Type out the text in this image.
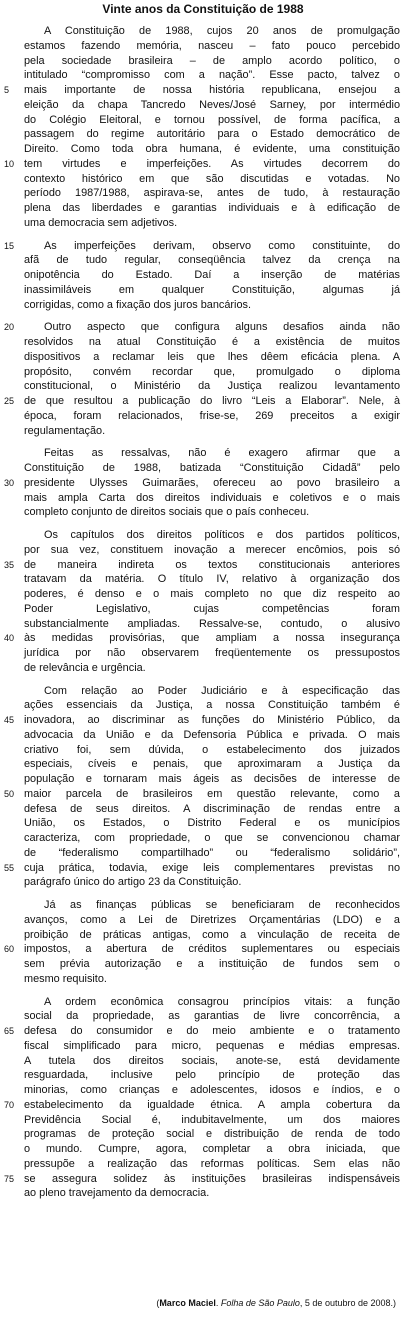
Vinte anos da Constituição de 1988
A Constituição de 1988, cujos 20 anos de promulgação
estamos fazendo memória, nasceu – fato pouco percebido
pela sociedade brasileira – de amplo acordo político, o
intitulado “compromisso com a nação”. Esse pacto, talvez o
5	mais importante de nossa história republicana, ensejou a
eleição da chapa Tancredo Neves/José Sarney, por intermédio
do Colégio Eleitoral, e tornou possível, de forma pacífica, a
passagem do regime autoritário para o Estado democrático de
Direito. Como toda obra humana, é evidente, uma constituição
10 tem virtudes e imperfeições. As virtudes decorrem do
contexto histórico em que são discutidas e votadas. No
período 1987/1988, aspirava-se, antes de tudo, à restauração
plena das liberdades e garantias individuais e à edificação de
uma democracia sem adjetivos.
15	As imperfeições derivam, observo como constituinte, do
afã de tudo regular, conseqüência talvez da crença na
onipotência do Estado. Daí a inserção de matérias
inassimiláveis em qualquer Constituição, algumas já
corrigidas, como a fixação dos juros bancários.
20	Outro aspecto que configura alguns desafios ainda não
resolvidos na atual Constituição é a existência de muitos
dispositivos a reclamar leis que lhes dêem eficácia plena. A
propósito, convém recordar que, promulgado o diploma
constitucional, o Ministério da Justiça realizou levantamento
25 de que resultou a publicação do livro “Leis a Elaborar”. Nele, à
época, foram relacionados, frise-se, 269 preceitos a exigir
regulamentação.
Feitas as ressalvas, não é exagero afirmar que a
Constituição de 1988, batizada “Constituição Cidadã” pelo
30 presidente Ulysses Guimarães, ofereceu ao povo brasileiro a
mais ampla Carta dos direitos individuais e coletivos e o mais
completo conjunto de direitos sociais que o país conheceu.
Os capítulos dos direitos políticos e dos partidos políticos,
por sua vez, constituem inovação a merecer encômios, pois só
35 de maneira indireta os textos constitucionais anteriores
tratavam da matéria. O título IV, relativo à organização dos
poderes, é denso e o mais completo no que diz respeito ao
Poder Legislativo, cujas competências foram
substancialmente ampliadas. Ressalve-se, contudo, o alusivo
40 às medidas provisórias, que ampliam a nossa insegurança
jurídica por não observarem freqüentemente os pressupostos
de relevância e urgência.
Com relação ao Poder Judiciário e à especificação das
ações essenciais da Justiça, a nossa Constituição também é
45 inovadora, ao discriminar as funções do Ministério Público, da
advocacia da União e da Defensoria Pública e privada. O mais
criativo foi, sem dúvida, o estabelecimento dos juizados
especiais, cíveis e penais, que aproximaram a Justiça da
população e tornaram mais ágeis as decisões de interesse de
50 maior parcela de brasileiros em questão relevante, como a
defesa de seus direitos. A discriminação de rendas entre a
União, os Estados, o Distrito Federal e os municípios
caracteriza, com propriedade, o que se convencionou chamar
de “federalismo compartilhado” ou “federalismo solidário”,
55 cuja prática, todavia, exige leis complementares previstas no
parágrafo único do artigo 23 da Constituição.
Já as finanças públicas se beneficiaram de reconhecidos
avanços, como a Lei de Diretrizes Orçamentárias (LDO) e a
proibição de práticas antigas, como a vinculação de receita de
60 impostos, a abertura de créditos suplementares ou especiais
sem prévia autorização e a instituição de fundos sem o
mesmo requisito.
A ordem econômica consagrou princípios vitais: a função
social da propriedade, as garantias de livre concorrência, a
65 defesa do consumidor e do meio ambiente e o tratamento
fiscal simplificado para micro, pequenas e médias empresas.
A tutela dos direitos sociais, anote-se, está devidamente
resguardada, inclusive pelo princípio de proteção das
minorias, como crianças e adolescentes, idosos e índios, e o
70 estabelecimento da igualdade étnica. A ampla cobertura da
Previdência Social é, indubitavelmente, um dos maiores
programas de proteção social e distribuição de renda de todo
o mundo. Cumpre, agora, completar a obra iniciada, que
pressupõe a realização das reformas políticas. Sem elas não
75 se assegura solidez às instituições brasileiras indispensáveis
ao pleno travejamento da democracia.
(Marco Maciel. Folha de São Paulo, 5 de outubro de 2008.)
